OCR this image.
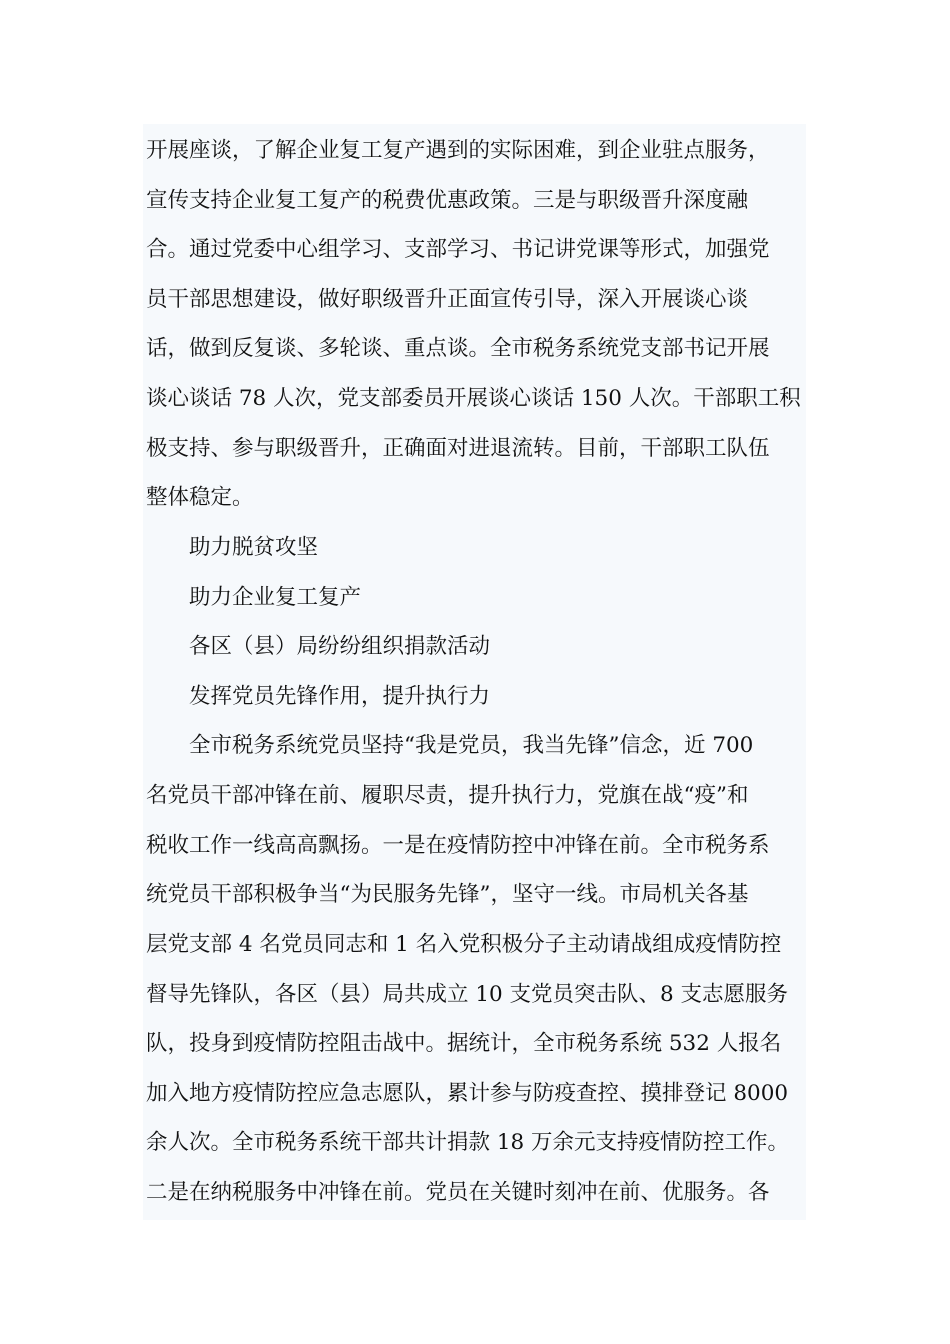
开展座谈，了解企业复工复产遇到的实际困难，到企业驻点服务，
宣传支持企业复工复产的税费优惠政策。三是与职级晋升深度融
合。通过党委中心组学习、支部学习、书记讲党课等形式，加强党
员干部思想建设，做好职级晋升正面宣传引导，深入开展谈心谈
话，做到反复谈、多轮谈、重点谈。全市税务系统党支部书记开展
谈心谈话 78 人次，党支部委员开展谈心谈话 150 人次。干部职工积
极支持、参与职级晋升，正确面对进退流转。目前，干部职工队伍
整体稳定。
助力脱贫攻坚
助力企业复工复产
各区（县）局纷纷组织捐款活动
发挥党员先锋作用，提升执行力
全市税务系统党员坚持“我是党员，我当先锋”信念，近 700
名党员干部冲锋在前、履职尽责，提升执行力，党旗在战“疫”和
税收工作一线高高飘扬。一是在疫情防控中冲锋在前。全市税务系
统党员干部积极争当“为民服务先锋”，坚守一线。市局机关各基
层党支部 4 名党员同志和 1 名入党积极分子主动请战组成疫情防控
督导先锋队，各区（县）局共成立 10 支党员突击队、8 支志愿服务
队，投身到疫情防控阻击战中。据统计，全市税务系统 532 人报名
加入地方疫情防控应急志愿队，累计参与防疫查控、摸排登记 8000
余人次。全市税务系统干部共计捐款 18 万余元支持疫情防控工作。
二是在纳税服务中冲锋在前。党员在关键时刻冲在前、优服务。各
